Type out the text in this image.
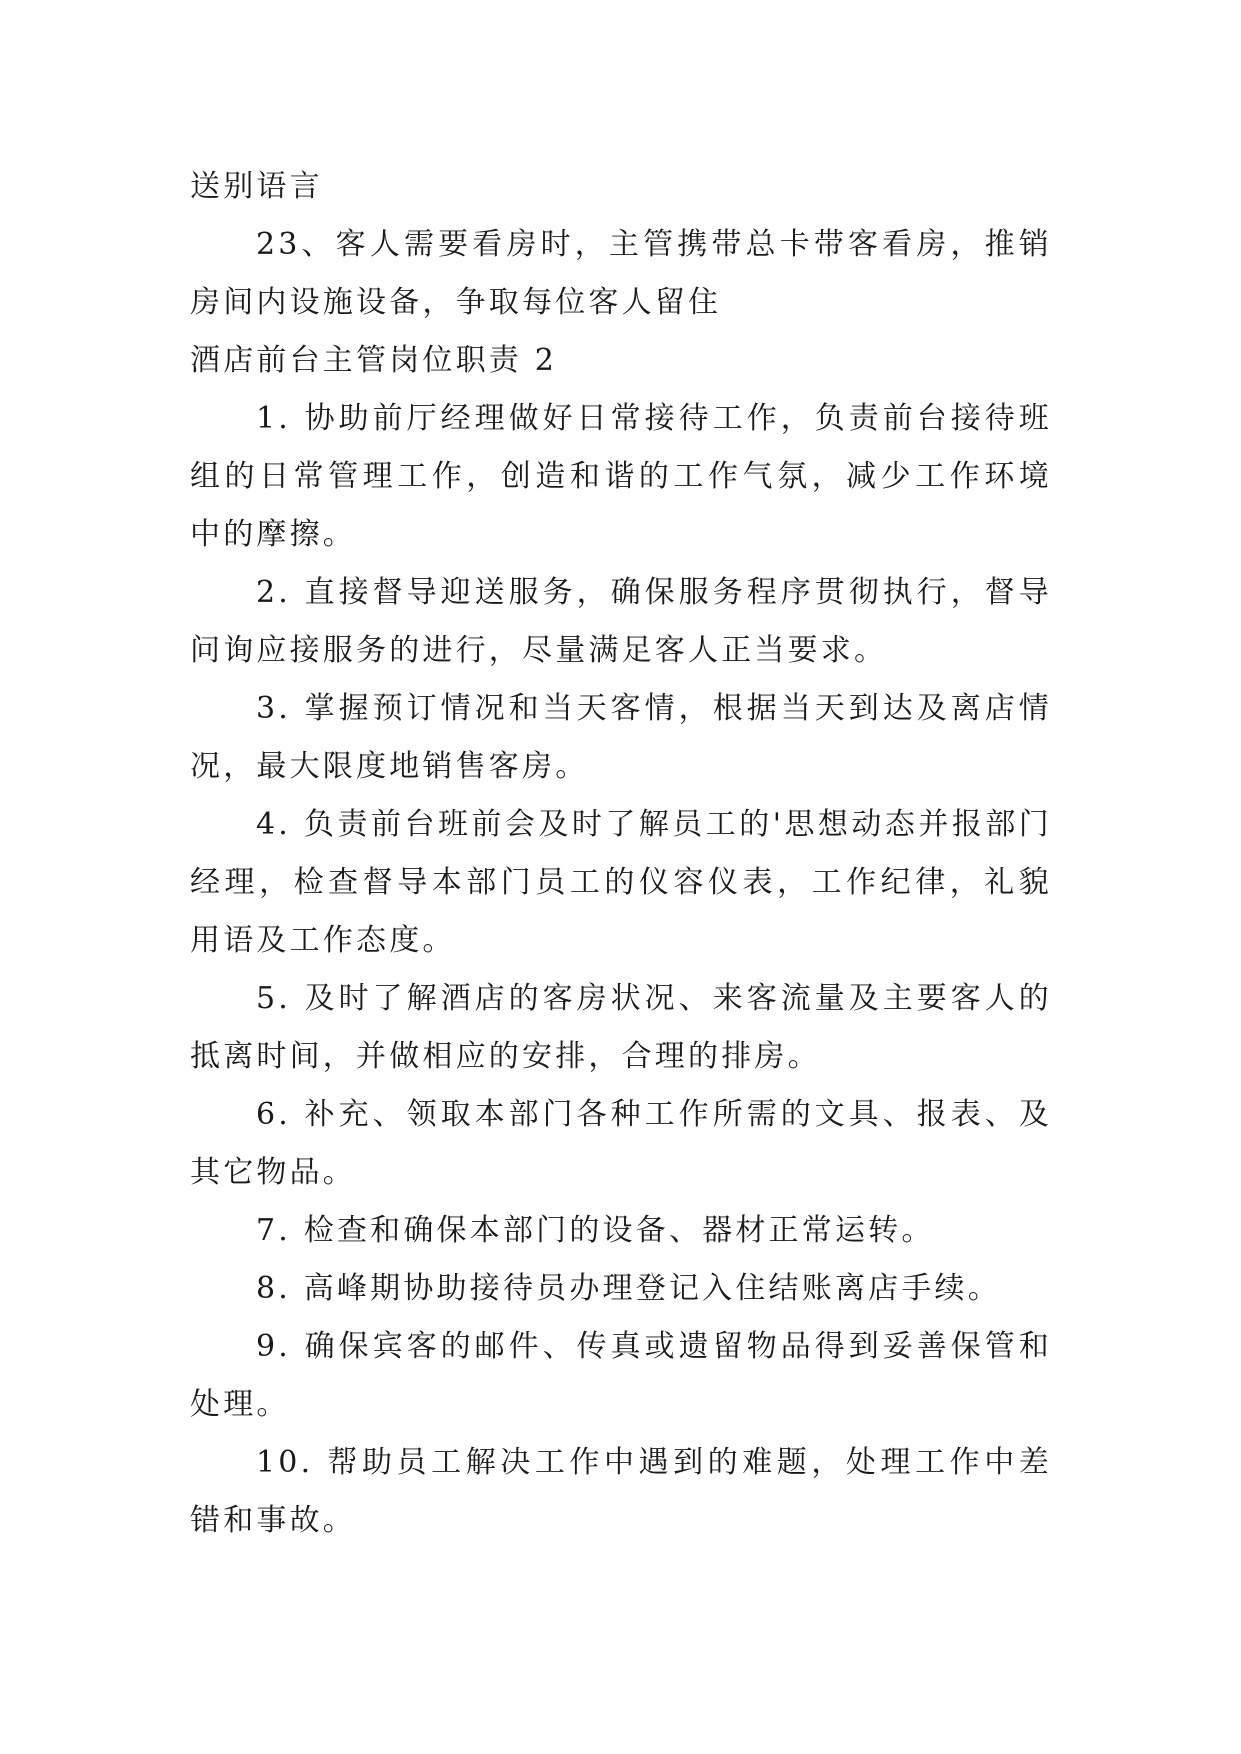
送别语言

23、客人需要看房时，主管携带总卡带客看房，推销房间内设施设备，争取每位客人留住

酒店前台主管岗位职责 2

1. 协助前厅经理做好日常接待工作，负责前台接待班组的日常管理工作，创造和谐的工作气氛，减少工作环境中的摩擦。

2. 直接督导迎送服务，确保服务程序贯彻执行，督导问询应接服务的进行，尽量满足客人正当要求。

3. 掌握预订情况和当天客情，根据当天到达及离店情况，最大限度地销售客房。

4. 负责前台班前会及时了解员工的'思想动态并报部门经理，检查督导本部门员工的仪容仪表，工作纪律，礼貌用语及工作态度。

5. 及时了解酒店的客房状况、来客流量及主要客人的抵离时间，并做相应的安排，合理的排房。

6. 补充、领取本部门各种工作所需的文具、报表、及其它物品。

7. 检查和确保本部门的设备、器材正常运转。

8. 高峰期协助接待员办理登记入住结账离店手续。

9. 确保宾客的邮件、传真或遗留物品得到妥善保管和处理。

10. 帮助员工解决工作中遇到的难题，处理工作中差错和事故。
